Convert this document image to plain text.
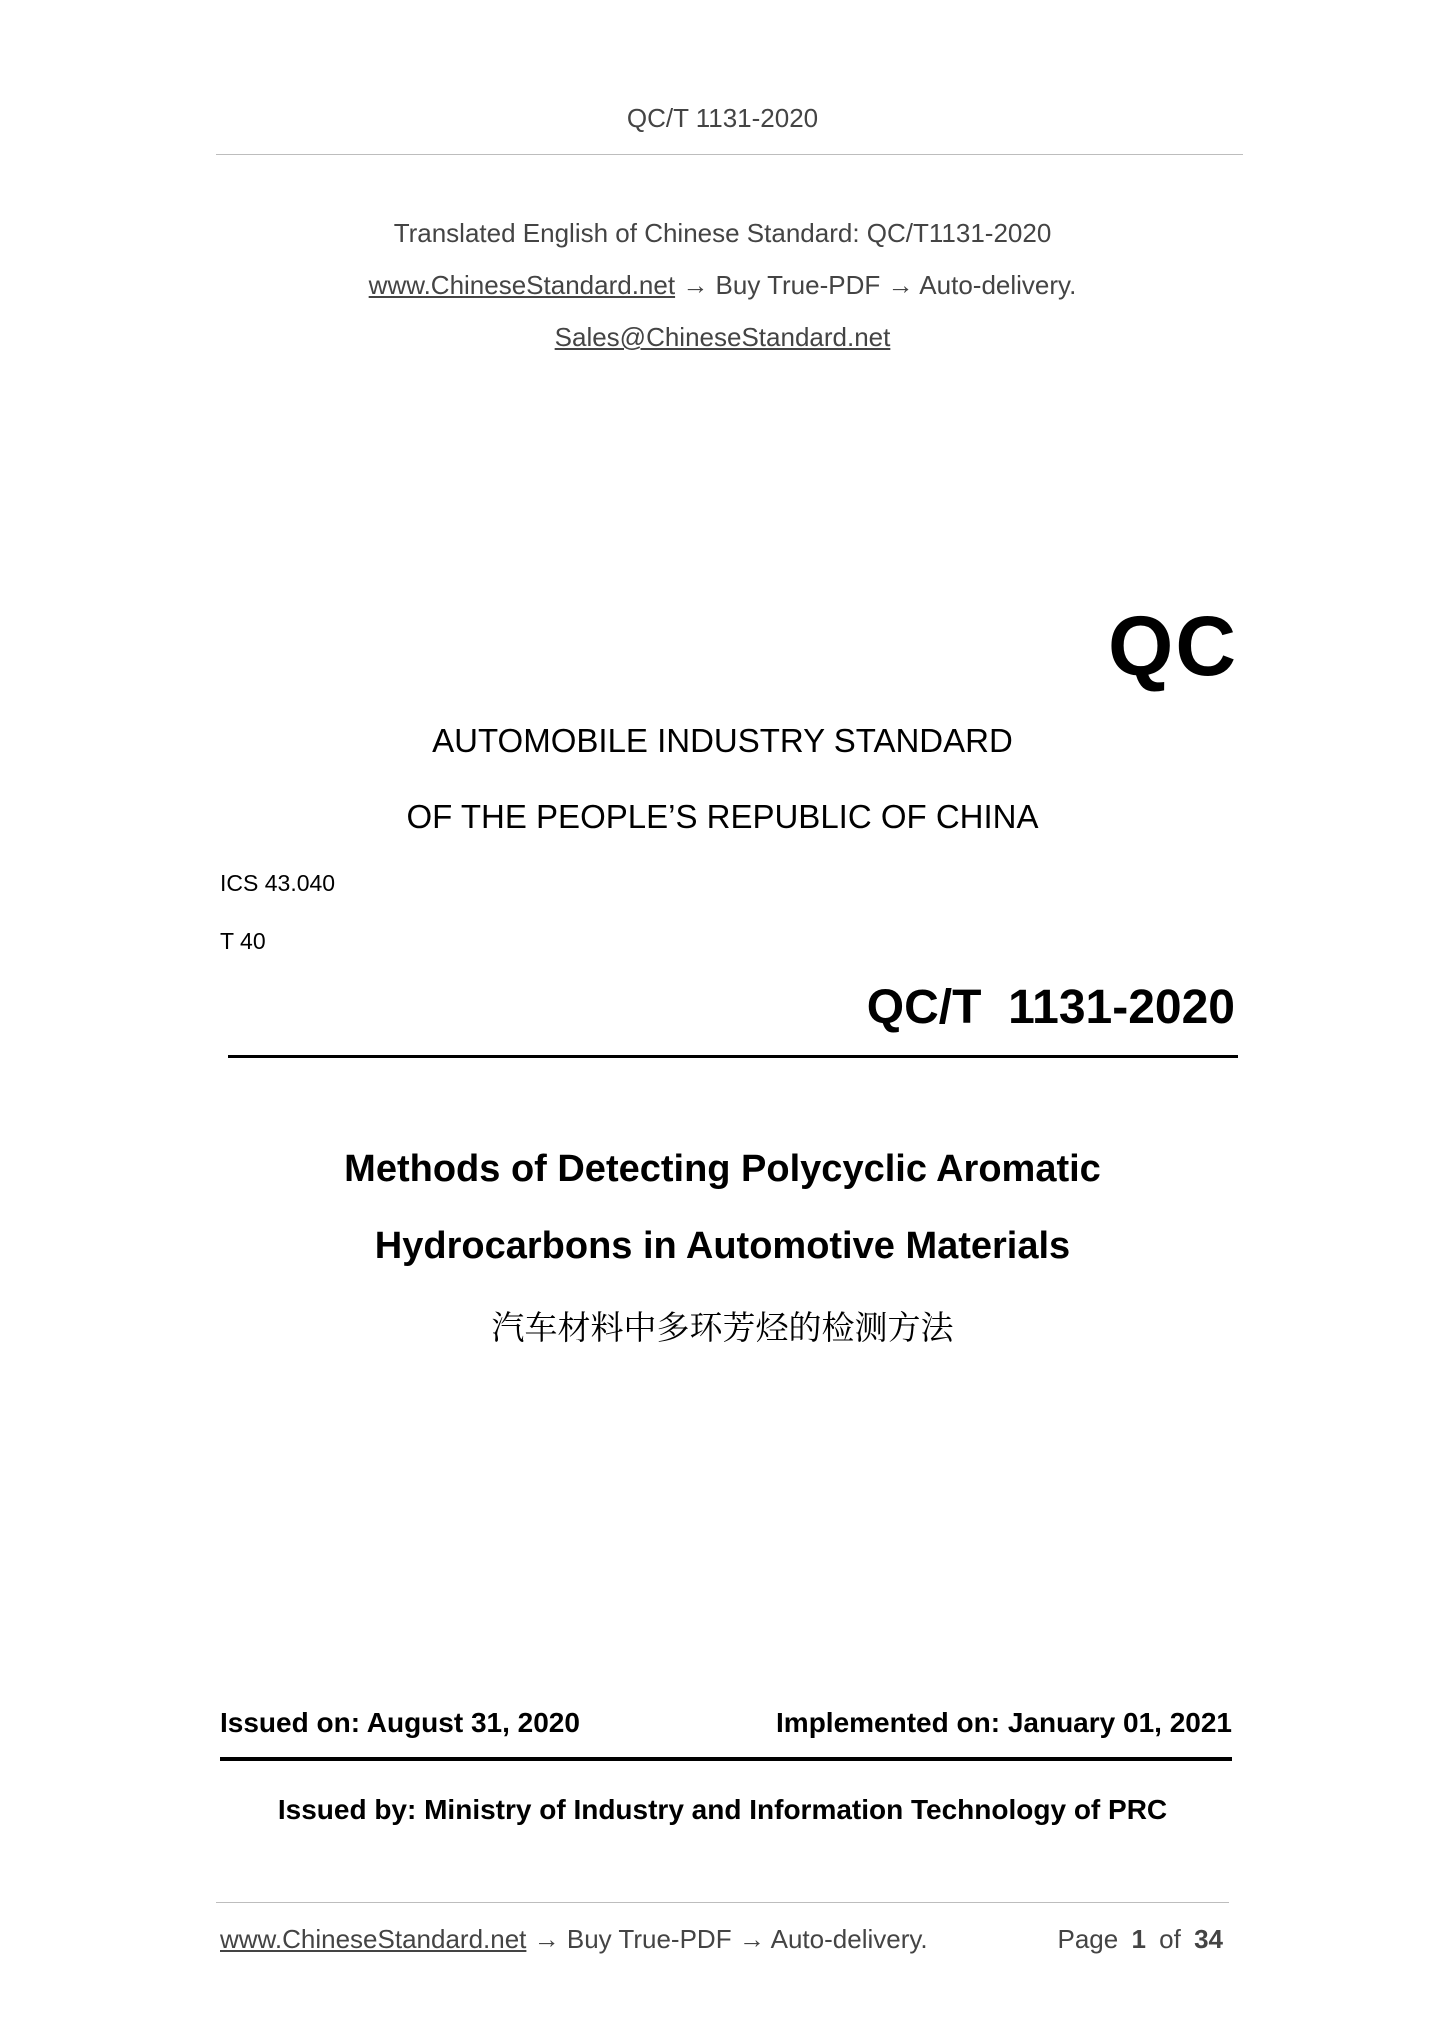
QC/T 1131-2020
Translated English of Chinese Standard: QC/T1131-2020
www.ChineseStandard.net → Buy True-PDF → Auto-delivery.
Sales@ChineseStandard.net
QC
AUTOMOBILE INDUSTRY STANDARD
OF THE PEOPLE’S REPUBLIC OF CHINA
ICS 43.040
T 40
QC/T  1131-2020
Methods of Detecting Polycyclic Aromatic
Hydrocarbons in Automotive Materials
汽车材料中多环芳烃的检测方法
Issued on: August 31, 2020	Implemented on: January 01, 2021
Issued by: Ministry of Industry and Information Technology of PRC
www.ChineseStandard.net → Buy True-PDF → Auto-delivery.	Page 1 of 34
